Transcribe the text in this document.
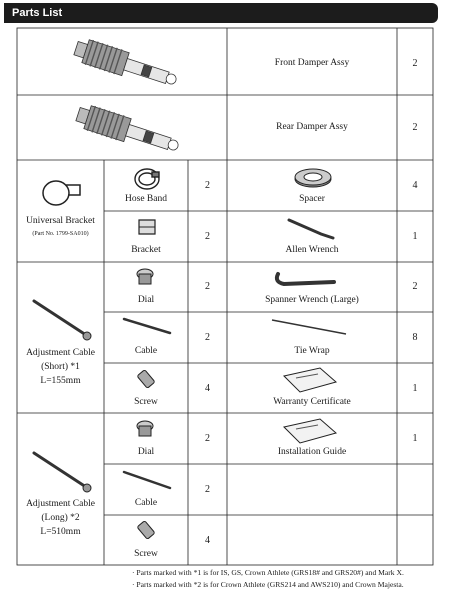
Parts List
Front Damper Assy	2
Rear Damper Assy	2
Universal Bracket
(Part No. 1799-SA010)
Hose Band
2
Bracket
2
Spacer
4
Allen Wrench
1
Adjustment Cable
(Short) *1
L=155mm
Dial
2
Cable
2
Screw
4
Spanner Wrench (Large)
2
Tie Wrap
8
Warranty Certificate
1
Adjustment Cable
(Long) *2
L=510mm
Dial
2
Cable
2
Screw
4
Installation Guide
1
· Parts marked with *1 is for IS, GS, Crown Athlete (GRS18# and GRS20#) and Mark X.
· Parts marked with *2 is for Crown Athlete (GRS214 and AWS210) and Crown Majesta.
